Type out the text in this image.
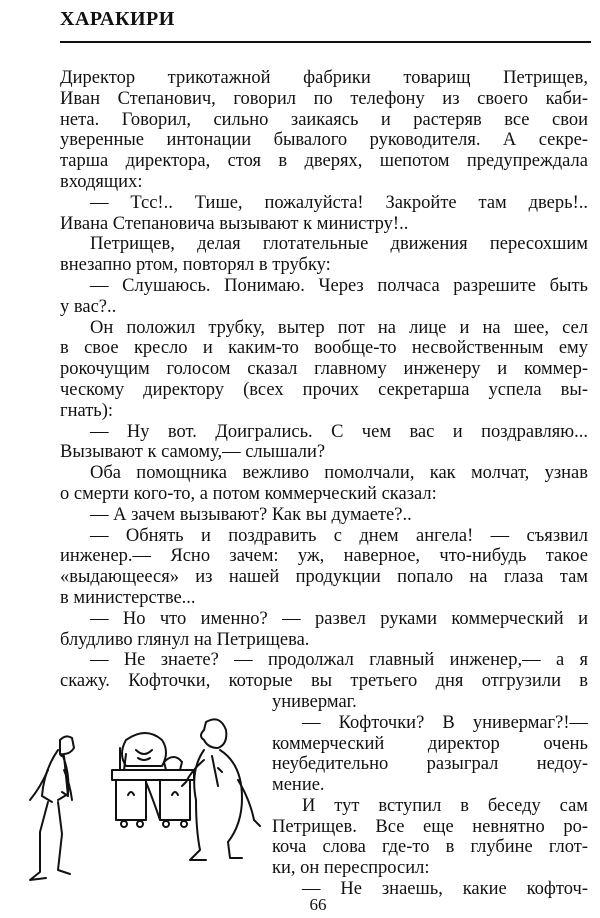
ХАРАКИРИ
Директор трикотажной фабрики товарищ Петрищев,
Иван Степанович, говорил по телефону из своего каби-
нета. Говорил, сильно заикаясь и растеряв все свои
уверенные интонации бывалого руководителя. А секре-
тарша директора, стоя в дверях, шепотом предупреждала
входящих:
— Тсс!.. Тише, пожалуйста! Закройте там дверь!..
Ивана Степановича вызывают к министру!..
Петрищев, делая глотательные движения пересохшим
внезапно ртом, повторял в трубку:
— Слушаюсь. Понимаю. Через полчаса разрешите быть
у вас?..
Он положил трубку, вытер пот на лице и на шее, сел
в свое кресло и каким-то вообще-то несвойственным ему
рокочущим голосом сказал главному инженеру и коммер-
ческому директору (всех прочих секретарша успела вы-
гнать):
— Ну вот. Доигрались. С чем вас и поздравляю...
Вызывают к самому,— слышали?
Оба помощника вежливо помолчали, как молчат, узнав
о смерти кого-то, а потом коммерческий сказал:
— А зачем вызывают? Как вы думаете?..
— Обнять и поздравить с днем ангела! — съязвил
инженер.— Ясно зачем: уж, наверное, что-нибудь такое
«выдающееся» из нашей продукции попало на глаза там
в министерстве...
— Но что именно? — развел руками коммерческий и
блудливо глянул на Петрищева.
— Не знаете? — продолжал главный инженер,— а я
скажу. Кофточки, которые вы третьего дня отгрузили в
универмаг.
— Кофточки? В универмаг?!—
коммерческий директор очень
неубедительно разыграл недоу-
мение.
И тут вступил в беседу сам
Петрищев. Все еще невнятно ро-
коча слова где-то в глубине глот-
ки, он переспросил:
— Не знаешь, какие кофточ-
66
